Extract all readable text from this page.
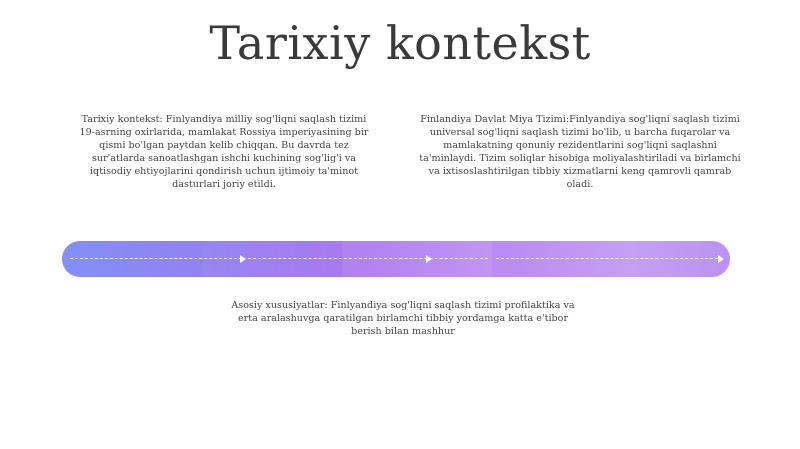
Tarixiy kontekst

Tarixiy kontekst: Finlyandiya milliy sog'liqni saqlash tizimi 19-asrning oxirlarida, mamlakat Rossiya imperiyasining bir qismi bo'lgan paytdan kelib chiqqan. Bu davrda tez sur'atlarda sanoatlashgan ishchi kuchining sog'lig'i va iqtisodiy ehtiyojlarini qondirish uchun ijtimoiy ta'minot dasturlari joriy etildi.

Finlandiya Davlat Miya Tizimi:Finlyandiya sog'liqni saqlash tizimi universal sog'liqni saqlash tizimi bo'lib, u barcha fuqarolar va mamlakatning qonuniy rezidentlarini sog'liqni saqlashni ta'minlaydi. Tizim soliqlar hisobiga moliyalashtiriladi va birlamchi va ixtisoslashtirilgan tibbiy xizmatlarni keng qamrovli qamrab oladi.

Asosiy xususiyatlar: Finlyandiya sog'liqni saqlash tizimi profilaktika va erta aralashuvga qaratilgan birlamchi tibbiy yordamga katta e'tibor berish bilan mashhur
